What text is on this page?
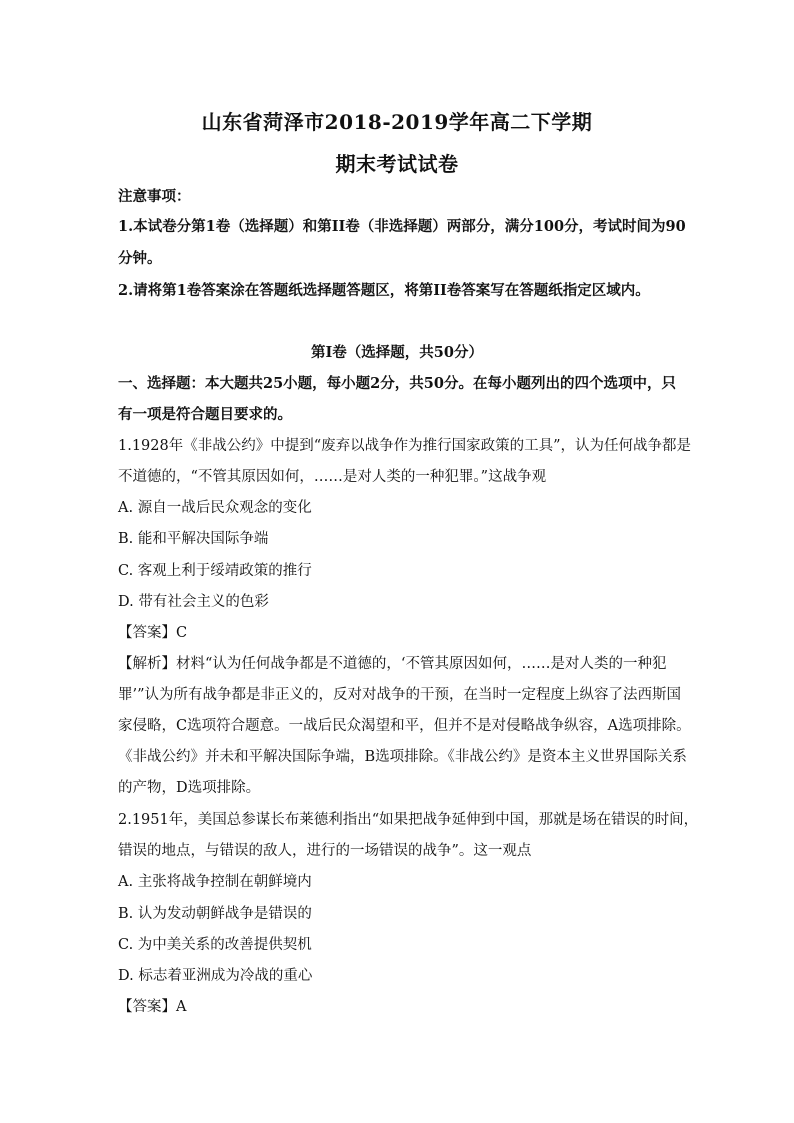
山东省菏泽市2018-2019学年高二下学期
期末考试试卷
注意事项：
1.本试卷分第1卷（选择题）和第II卷（非选择题）两部分，满分100分，考试时间为90
分钟。
2.请将第1卷答案涂在答题纸选择题答题区，将第II卷答案写在答题纸指定区域内。
第I卷（选择题，共50分）
一、选择题：本大题共25小题，每小题2分，共50分。在每小题列出的四个选项中，只
有一项是符合题目要求的。
1.1928年《非战公约》中提到“废弃以战争作为推行国家政策的工具”，认为任何战争都是
不道德的，“不管其原因如何，……是对人类的一种犯罪。”这战争观
A. 源自一战后民众观念的变化
B. 能和平解决国际争端
C. 客观上利于绥靖政策的推行
D. 带有社会主义的色彩
【答案】C
【解析】材料“认为任何战争都是不道德的，‘不管其原因如何，……是对人类的一种犯
罪’”认为所有战争都是非正义的，反对对战争的干预，在当时一定程度上纵容了法西斯国
家侵略，C选项符合题意。一战后民众渴望和平，但并不是对侵略战争纵容，A选项排除。
《非战公约》并未和平解决国际争端，B选项排除。《非战公约》是资本主义世界国际关系
的产物，D选项排除。
2.1951年，美国总参谋长布莱德利指出“如果把战争延伸到中国，那就是场在错误的时间，
错误的地点，与错误的敌人，进行的一场错误的战争”。这一观点
A. 主张将战争控制在朝鲜境内
B. 认为发动朝鲜战争是错误的
C. 为中美关系的改善提供契机
D. 标志着亚洲成为冷战的重心
【答案】A
